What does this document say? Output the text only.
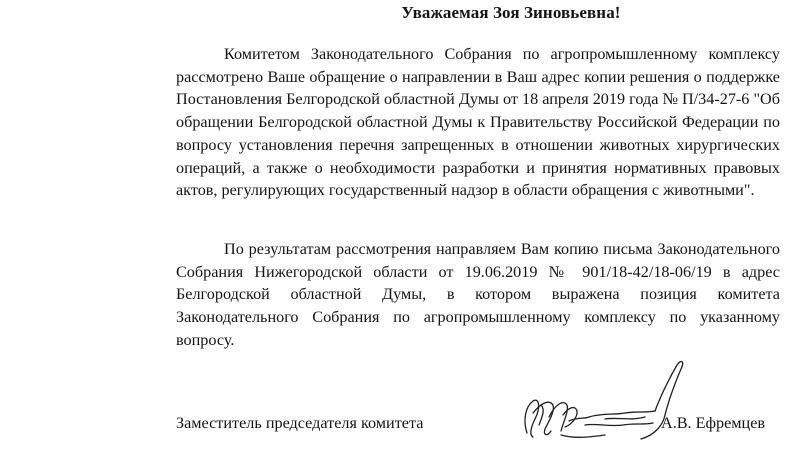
Уважаемая Зоя Зиновьевна!

Комитетом Законодательного Собрания по агропромышленному комплексу рассмотрено Ваше обращение о направлении в Ваш адрес копии решения о поддержке Постановления Белгородской областной Думы от 18 апреля 2019 года № П/34-27-6 "Об обращении Белгородской областной Думы к Правительству Российской Федерации по вопросу установления перечня запрещенных в отношении животных хирургических операций, а также о необходимости разработки и принятия нормативных правовых актов, регулирующих государственный надзор в области обращения с животными".

По результатам рассмотрения направляем Вам копию письма Законодательного Собрания Нижегородской области от 19.06.2019 № 901/18-42/18-06/19 в адрес Белгородской областной Думы, в котором выражена позиция комитета Законодательного Собрания по агропромышленному комплексу по указанному вопросу.

Заместитель председателя комитета	А.В. Ефремцев
